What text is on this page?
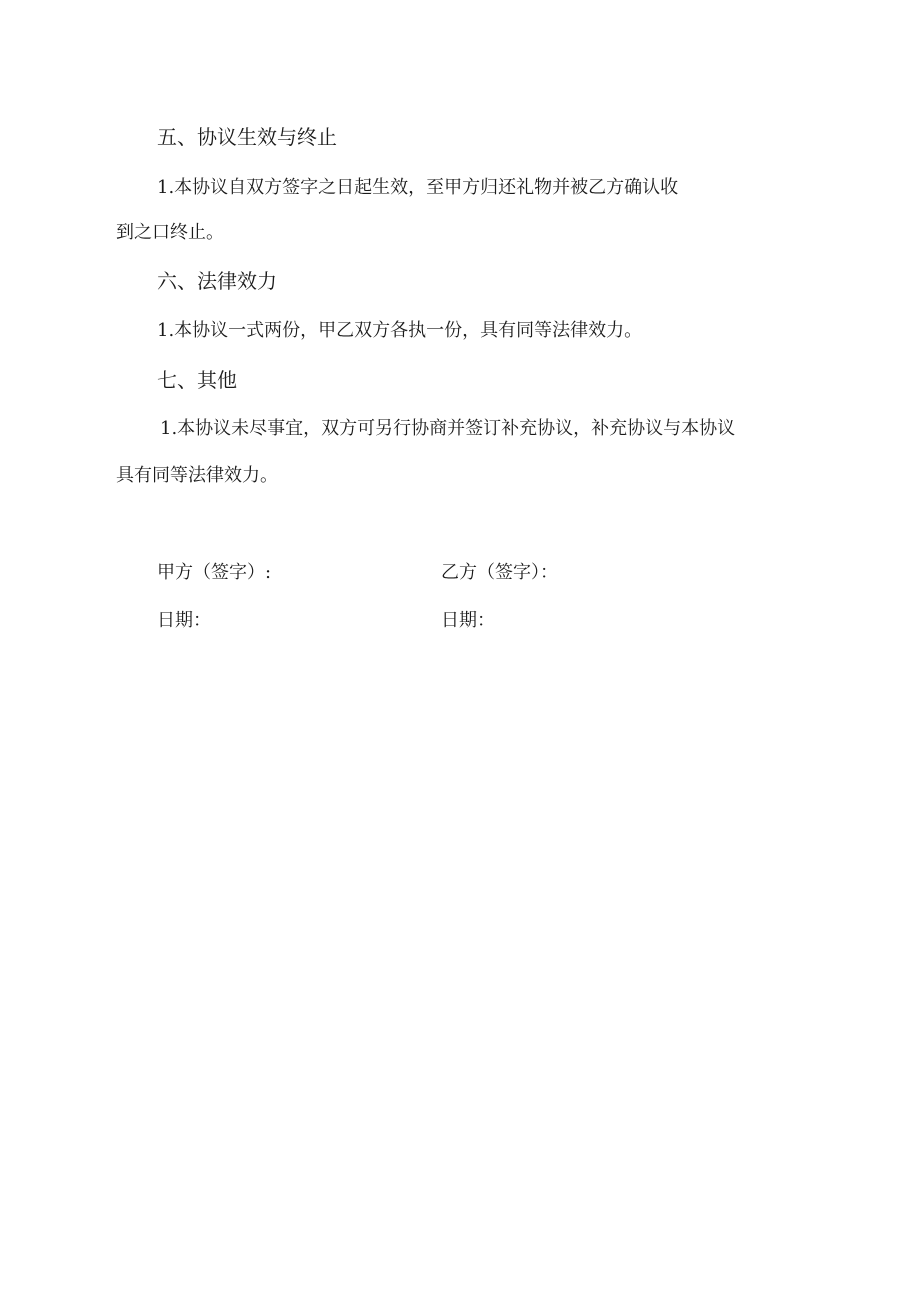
五、协议生效与终止
1.本协议自双方签字之日起生效，至甲方归还礼物并被乙方确认收
到之口终止。
六、法律效力
1.本协议一式两份，甲乙双方各执一份，具有同等法律效力。
七、其他
1.本协议未尽事宜，双方可另行协商并签订补充协议，补充协议与本协议
具有同等法律效力。
甲方（签字）:	乙方（签字）：
日期：	日期：
